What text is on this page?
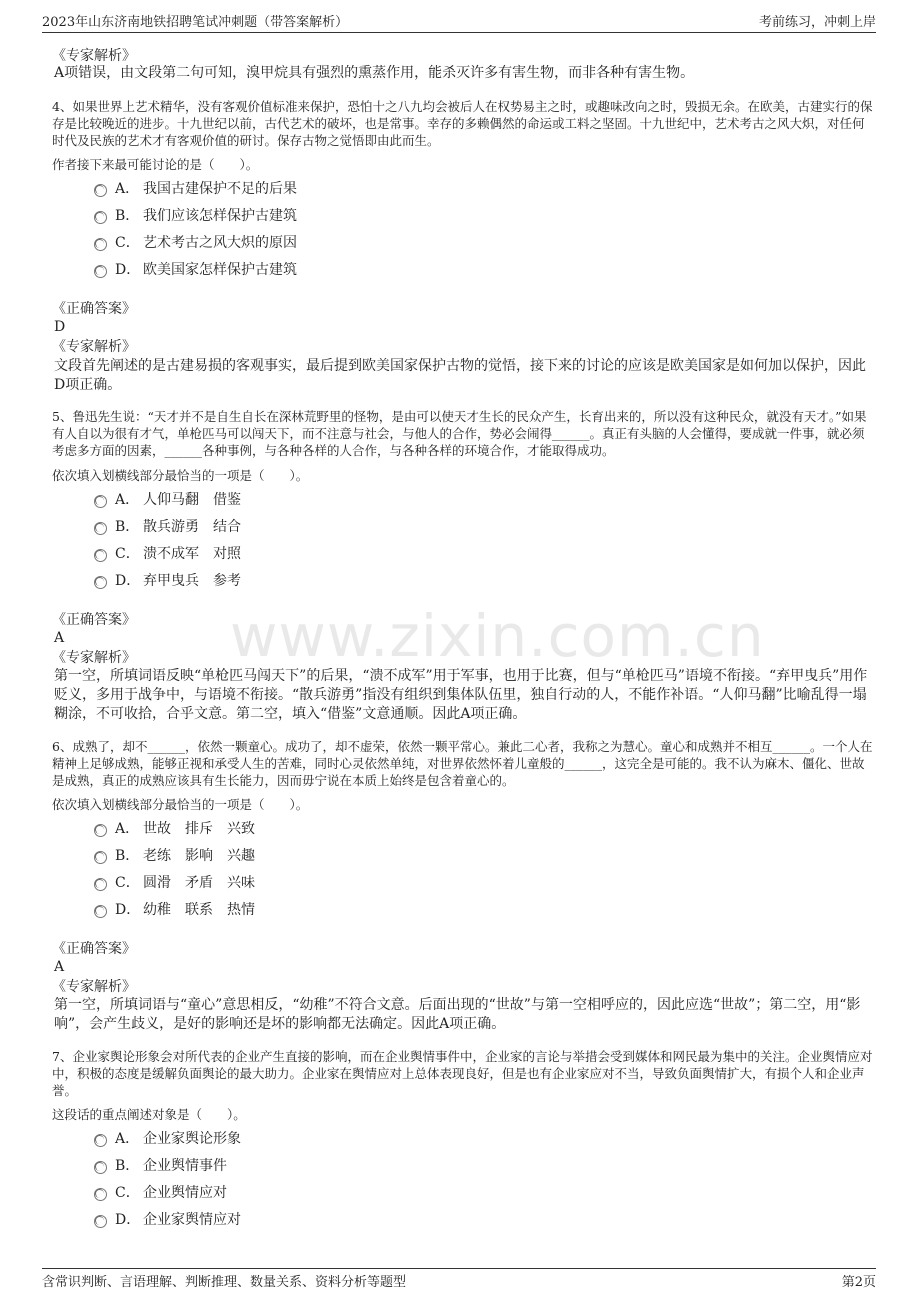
2023年山东济南地铁招聘笔试冲刺题（带答案解析）	考前练习，冲刺上岸
www.zixin.com.cn
《专家解析》
A项错误，由文段第二句可知，溴甲烷具有强烈的熏蒸作用，能杀灭许多有害生物，而非各种有害生物。
4、如果世界上艺术精华，没有客观价值标准来保护，恐怕十之八九均会被后人在权势易主之时，或趣味改向之时，毁损无余。在欧美，古建实行的保存是比较晚近的进步。十九世纪以前，古代艺术的破坏，也是常事。幸存的多赖偶然的命运或工料之坚固。十九世纪中，艺术考古之风大炽，对任何时代及民族的艺术才有客观价值的研讨。保存古物之觉悟即由此而生。
作者接下来最可能讨论的是（　　）。
A． 我国古建保护不足的后果
B． 我们应该怎样保护古建筑
C． 艺术考古之风大炽的原因
D． 欧美国家怎样保护古建筑
《正确答案》
D
《专家解析》
文段首先阐述的是古建易损的客观事实，最后提到欧美国家保护古物的觉悟，接下来的讨论的应该是欧美国家是如何加以保护，因此D项正确。
5、鲁迅先生说：“天才并不是自生自长在深林荒野里的怪物，是由可以使天才生长的民众产生，长育出来的，所以没有这种民众，就没有天才。”如果有人自以为很有才气，单枪匹马可以闯天下，而不注意与社会，与他人的合作，势必会闹得______。真正有头脑的人会懂得，要成就一件事，就必须考虑多方面的因素，______各种事例，与各种各样的人合作，与各种各样的环境合作，才能取得成功。
依次填入划横线部分最恰当的一项是（　　）。
A． 人仰马翻　借鉴
B． 散兵游勇　结合
C． 溃不成军　对照
D． 弃甲曳兵　参考
《正确答案》
A
《专家解析》
第一空，所填词语反映“单枪匹马闯天下”的后果，“溃不成军”用于军事，也用于比赛，但与“单枪匹马”语境不衔接。“弃甲曳兵”用作贬义，多用于战争中，与语境不衔接。“散兵游勇”指没有组织到集体队伍里，独自行动的人，不能作补语。“人仰马翻”比喻乱得一塌糊涂，不可收拾，合乎文意。第二空，填入“借鉴”文意通顺。因此A项正确。
6、成熟了，却不______，依然一颗童心。成功了，却不虚荣，依然一颗平常心。兼此二心者，我称之为慧心。童心和成熟并不相互______。一个人在精神上足够成熟，能够正视和承受人生的苦难，同时心灵依然单纯，对世界依然怀着儿童般的______，这完全是可能的。我不认为麻木、僵化、世故是成熟，真正的成熟应该具有生长能力，因而毋宁说在本质上始终是包含着童心的。
依次填入划横线部分最恰当的一项是（　　）。
A． 世故　排斥　兴致
B． 老练　影响　兴趣
C． 圆滑　矛盾　兴味
D． 幼稚　联系　热情
《正确答案》
A
《专家解析》
第一空，所填词语与“童心”意思相反，“幼稚”不符合文意。后面出现的“世故”与第一空相呼应的，因此应选“世故”；第二空，用“影响”，会产生歧义，是好的影响还是坏的影响都无法确定。因此A项正确。
7、企业家舆论形象会对所代表的企业产生直接的影响，而在企业舆情事件中，企业家的言论与举措会受到媒体和网民最为集中的关注。企业舆情应对中，积极的态度是缓解负面舆论的最大助力。企业家在舆情应对上总体表现良好，但是也有企业家应对不当，导致负面舆情扩大，有损个人和企业声誉。
这段话的重点阐述对象是（　　）。
A． 企业家舆论形象
B． 企业舆情事件
C． 企业舆情应对
D． 企业家舆情应对
含常识判断、言语理解、判断推理、数量关系、资料分析等题型	第2页
